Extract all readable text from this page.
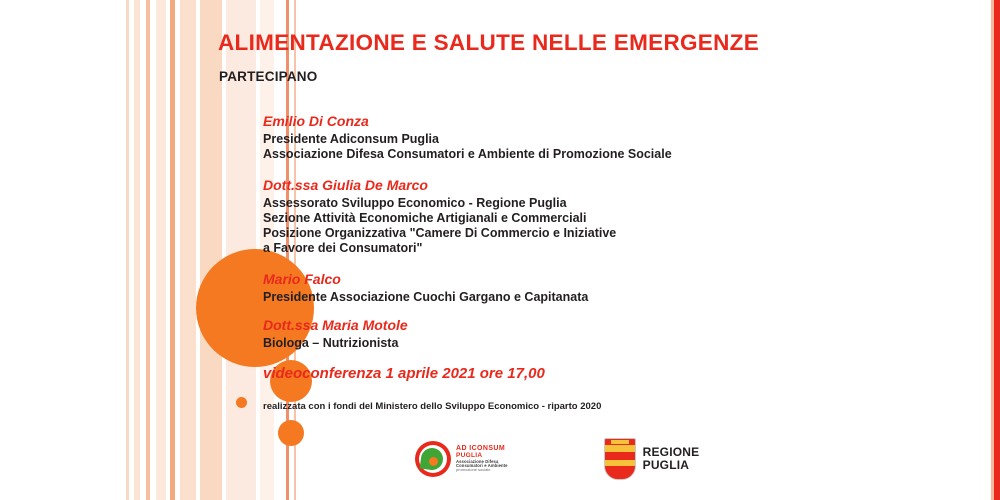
ALIMENTAZIONE E SALUTE NELLE EMERGENZE
PARTECIPANO

Emilio Di Conza

Presidente Adiconsum Puglia

Associazione Difesa Consumatori e Ambiente di Promozione Sociale

Dott.ssa Giulia De Marco

Assessorato Sviluppo Economico - Regione Puglia

Sezione Attività Economiche Artigianali e Commerciali

Posizione Organizzativa "Camere Di Commercio e Iniziative

a Favore dei Consumatori"

Mario Falco

Presidente Associazione Cuochi Gargano e Capitanata

Dott.ssa Maria Motole

Biologa – Nutrizionista

videoconferenza 1 aprile 2021 ore 17,00
realizzata con i fondi del Ministero dello Sviluppo Economico - riparto 2020
AD ICONSUM
PUGLIA
Associazione Difesa
Consumatori e Ambiente
promozione sociale
REGIONE
PUGLIA
